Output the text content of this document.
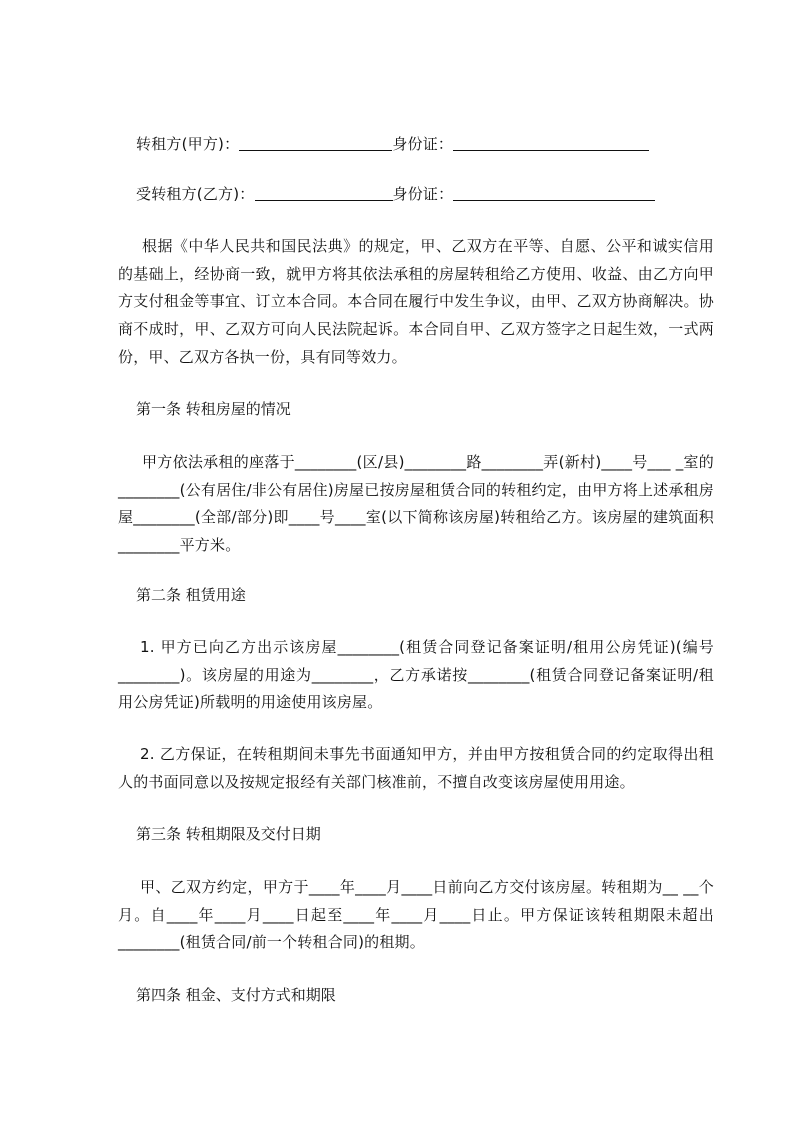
转租方(甲方)：	身份证：
受转租方(乙方)：	身份证：
根据《中华人民共和国民法典》的规定，甲、乙双方在平等、自愿、公平和诚实信用的基础上，经协商一致，就甲方将其依法承租的房屋转租给乙方使用、收益、由乙方向甲方支付租金等事宜、订立本合同。本合同在履行中发生争议，由甲、乙双方协商解决。协商不成时，甲、乙双方可向人民法院起诉。本合同自甲、乙双方签字之日起生效，一式两份，甲、乙双方各执一份，具有同等效力。
第一条 转租房屋的情况
甲方依法承租的座落于________(区/县)________路________弄(新村)____号___ _室的________(公有居住/非公有居住)房屋已按房屋租赁合同的转租约定，由甲方将上述承租房屋________(全部/部分)即____号____室(以下简称该房屋)转租给乙方。该房屋的建筑面积________平方米。
第二条 租赁用途
1. 甲方已向乙方出示该房屋________(租赁合同登记备案证明/租用公房凭证)(编号________)。该房屋的用途为________，乙方承诺按________(租赁合同登记备案证明/租用公房凭证)所载明的用途使用该房屋。
2. 乙方保证，在转租期间未事先书面通知甲方，并由甲方按租赁合同的约定取得出租人的书面同意以及按规定报经有关部门核准前，不擅自改变该房屋使用用途。
第三条 转租期限及交付日期
甲、乙双方约定，甲方于____年____月____日前向乙方交付该房屋。转租期为__ __个月。自____年____月____日起至____年____月____日止。甲方保证该转租期限未超出________(租赁合同/前一个转租合同)的租期。
第四条 租金、支付方式和期限
